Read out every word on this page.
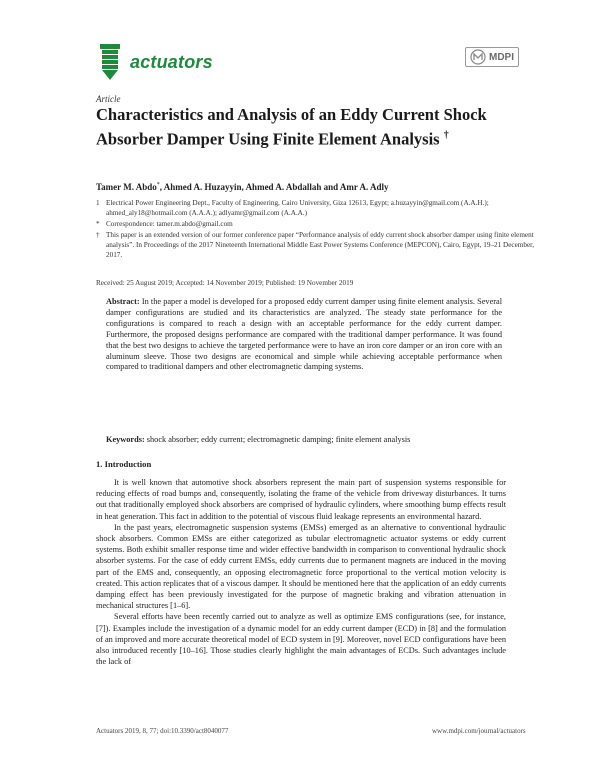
actuators	MDPI
Article
Characteristics and Analysis of an Eddy Current Shock Absorber Damper Using Finite Element Analysis †
Tamer M. Abdo*, Ahmed A. Huzayyin, Ahmed A. Abdallah and Amr A. Adly
1 Electrical Power Engineering Dept., Faculty of Engineering, Cairo University, Giza 12613, Egypt; a.huzayyin@gmail.com (A.A.H.); ahmed_aly18@hotmail.com (A.A.A.); adlyamr@gmail.com (A.A.A.)
* Correspondence: tamer.m.abdo@gmail.com
† This paper is an extended version of our former conference paper “Performance analysis of eddy current shock absorber damper using finite element analysis”. In Proceedings of the 2017 Nineteenth International Middle East Power Systems Conference (MEPCON), Cairo, Egypt, 19–21 December, 2017.
Received: 25 August 2019; Accepted: 14 November 2019; Published: 19 November 2019
Abstract: In the paper a model is developed for a proposed eddy current damper using finite element analysis. Several damper configurations are studied and its characteristics are analyzed. The steady state performance for the configurations is compared to reach a design with an acceptable performance for the eddy current damper. Furthermore, the proposed designs performance are compared with the traditional damper performance. It was found that the best two designs to achieve the targeted performance were to have an iron core damper or an iron core with an aluminum sleeve. Those two designs are economical and simple while achieving acceptable performance when compared to traditional dampers and other electromagnetic damping systems.
Keywords: shock absorber; eddy current; electromagnetic damping; finite element analysis
1. Introduction

It is well known that automotive shock absorbers represent the main part of suspension systems responsible for reducing effects of road bumps and, consequently, isolating the frame of the vehicle from driveway disturbances. It turns out that traditionally employed shock absorbers are comprised of hydraulic cylinders, where smoothing bump effects result in heat generation. This fact in addition to the potential of viscous fluid leakage represents an environmental hazard.

In the past years, electromagnetic suspension systems (EMSs) emerged as an alternative to conventional hydraulic shock absorbers. Common EMSs are either categorized as tubular electromagnetic actuator systems or eddy current systems. Both exhibit smaller response time and wider effective bandwidth in comparison to conventional hydraulic shock absorber systems. For the case of eddy current EMSs, eddy currents due to permanent magnets are induced in the moving part of the EMS and, consequently, an opposing electromagnetic force proportional to the vertical motion velocity is created. This action replicates that of a viscous damper. It should be mentioned here that the application of an eddy currents damping effect has been previously investigated for the purpose of magnetic braking and vibration attenuation in mechanical structures [1–6].

Several efforts have been recently carried out to analyze as well as optimize EMS configurations (see, for instance, [7]). Examples include the investigation of a dynamic model for an eddy current damper (ECD) in [8] and the formulation of an improved and more accurate theoretical model of ECD system in [9]. Moreover, novel ECD configurations have been also introduced recently [10–16]. Those studies clearly highlight the main advantages of ECDs. Such advantages include the lack of

Actuators 2019, 8, 77; doi:10.3390/act8040077	www.mdpi.com/journal/actuators
